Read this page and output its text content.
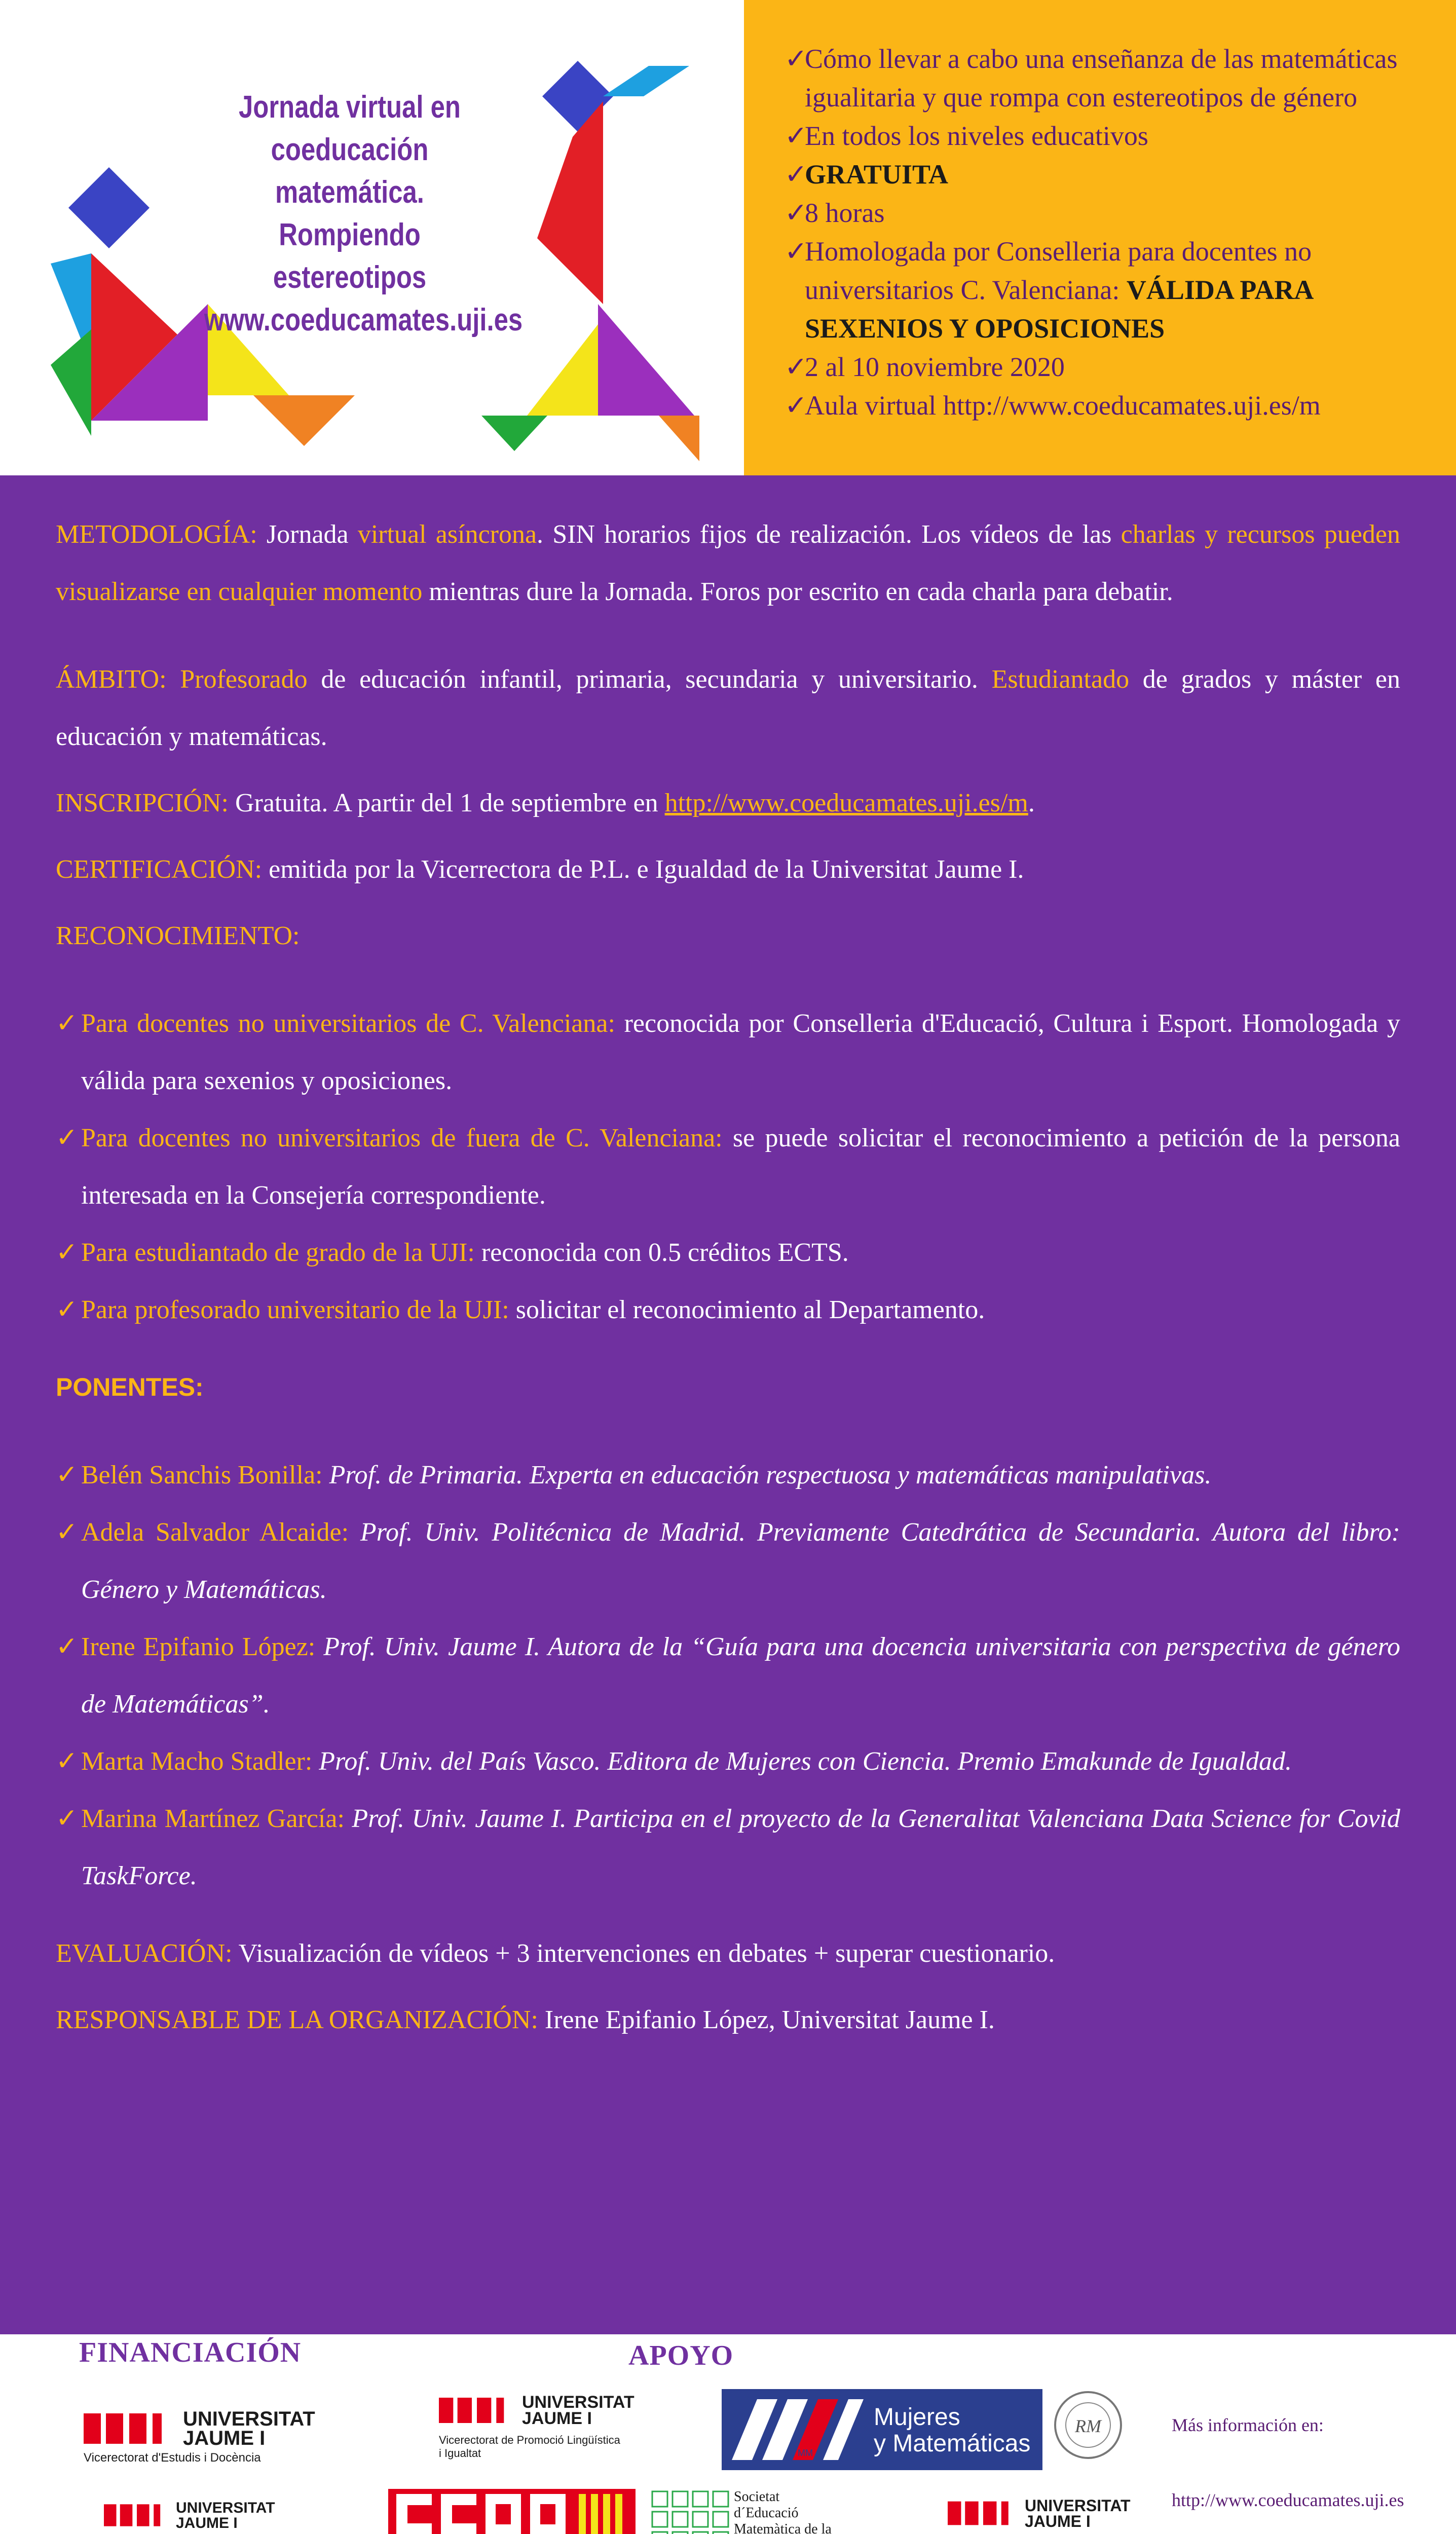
Jornada virtual en
coeducación matemática.
Rompiendo estereotipos
www.coeducamates.uji.es
✓
Cómo llevar a cabo una enseñanza de las matemáticas igualitaria y que rompa con estereotipos de género
✓
En todos los niveles educativos
✓
GRATUITA
✓
8 horas
✓
Homologada por Conselleria para docentes no universitarios C. Valenciana: VÁLIDA PARA SEXENIOS Y OPOSICIONES
✓
2 al 10 noviembre 2020
✓
Aula virtual http://www.coeducamates.uji.es/m

METODOLOGÍA: Jornada virtual asíncrona. SIN horarios fijos de realización. Los vídeos de las charlas y recursos pueden visualizarse en cualquier momento mientras dure la Jornada. Foros por escrito en cada charla para debatir.

ÁMBITO: Profesorado de educación infantil, primaria, secundaria y universitario. Estudiantado de grados y máster en educación y matemáticas.

INSCRIPCIÓN: Gratuita. A partir del 1 de septiembre en http://www.coeducamates.uji.es/m.

CERTIFICACIÓN: emitida por la Vicerrectora de P.L. e Igualdad de la Universitat Jaume I.

RECONOCIMIENTO:

✓ Para docentes no universitarios de C. Valenciana: reconocida por Conselleria d'Educació, Cultura i Esport. Homologada y válida para sexenios y oposiciones.
✓ Para docentes no universitarios de fuera de C. Valenciana: se puede solicitar el reconocimiento a petición de la persona interesada en la Consejería correspondiente.
✓ Para estudiantado de grado de la UJI: reconocida con 0.5 créditos ECTS.
✓ Para profesorado universitario de la UJI: solicitar el reconocimiento al Departamento.

PONENTES:

✓ Belén Sanchis Bonilla: Prof. de Primaria. Experta en educación respectuosa y matemáticas manipulativas.
✓ Adela Salvador Alcaide: Prof. Univ. Politécnica de Madrid. Previamente Catedrática de Secundaria. Autora del libro: Género y Matemáticas.
✓ Irene Epifanio López: Prof. Univ. Jaume I. Autora de la “Guía para una docencia universitaria con perspectiva de género de Matemáticas”.
✓ Marta Macho Stadler: Prof. Univ. del País Vasco. Editora de Mujeres con Ciencia. Premio Emakunde de Igualdad.
✓ Marina Martínez García: Prof. Univ. Jaume I. Participa en el proyecto de la Generalitat Valenciana Data Science for Covid TaskForce.

EVALUACIÓN: Visualización de vídeos + 3 intervenciones en debates + superar cuestionario.

RESPONSABLE DE LA ORGANIZACIÓN: Irene Epifanio López, Universitat Jaume I.

FINANCIACIÓN	APOYO
UNIVERSITAT
JAUME I
Vicerectorat d'Estudis i Docència
UNIVERSITAT
JAUME I
UNIVERSITAT
JAUME I
Vicerectorat de Promoció Lingüística
i Igualtat	MM
Mujeres
y Matemáticas
RM
Societat
d´Educació
Matemàtica de la
UNIVERSITAT
JAUME I
Más información en:
http://www.coeducamates.uji.es
